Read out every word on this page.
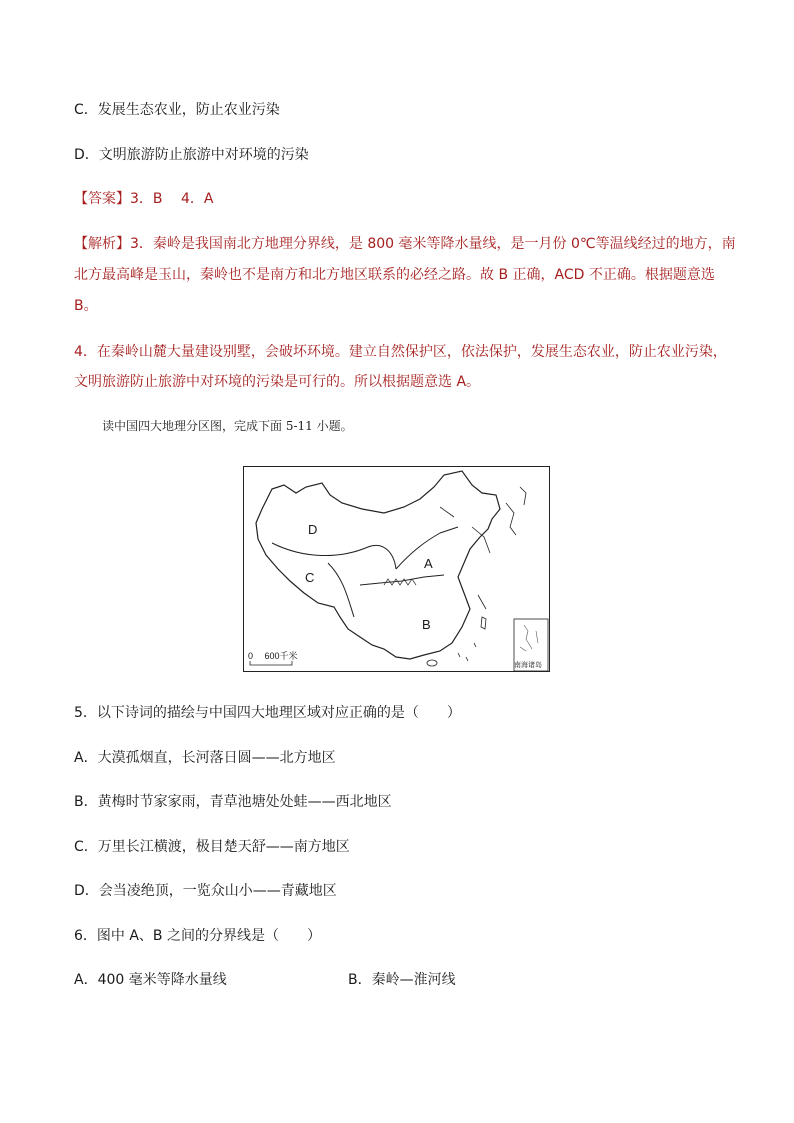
C．发展生态农业，防止农业污染
D．文明旅游防止旅游中对环境的污染
【答案】3．B　 4．A
【解析】3．秦岭是我国南北方地理分界线，是 800 毫米等降水量线，是一月份 0℃等温线经过的地方，南
北方最高峰是玉山，秦岭也不是南方和北方地区联系的必经之路。故 B 正确，ACD 不正确。根据题意选
B。
4．在秦岭山麓大量建设别墅，会破坏环境。建立自然保护区，依法保护，发展生态农业，防止农业污染，
文明旅游防止旅游中对环境的污染是可行的。所以根据题意选 A。
读中国四大地理分区图，完成下面 5-11 小题。
D
C
A
B
0　 600千米
南海诸岛
5．以下诗词的描绘与中国四大地理区域对应正确的是（　　）
A．大漠孤烟直，长河落日圆——北方地区
B．黄梅时节家家雨，青草池塘处处蛙——西北地区
C．万里长江横渡，极目楚天舒——南方地区
D．会当凌绝顶，一览众山小——青藏地区
6．图中 A、B 之间的分界线是（　　）
A．400 毫米等降水量线	B．秦岭—淮河线
